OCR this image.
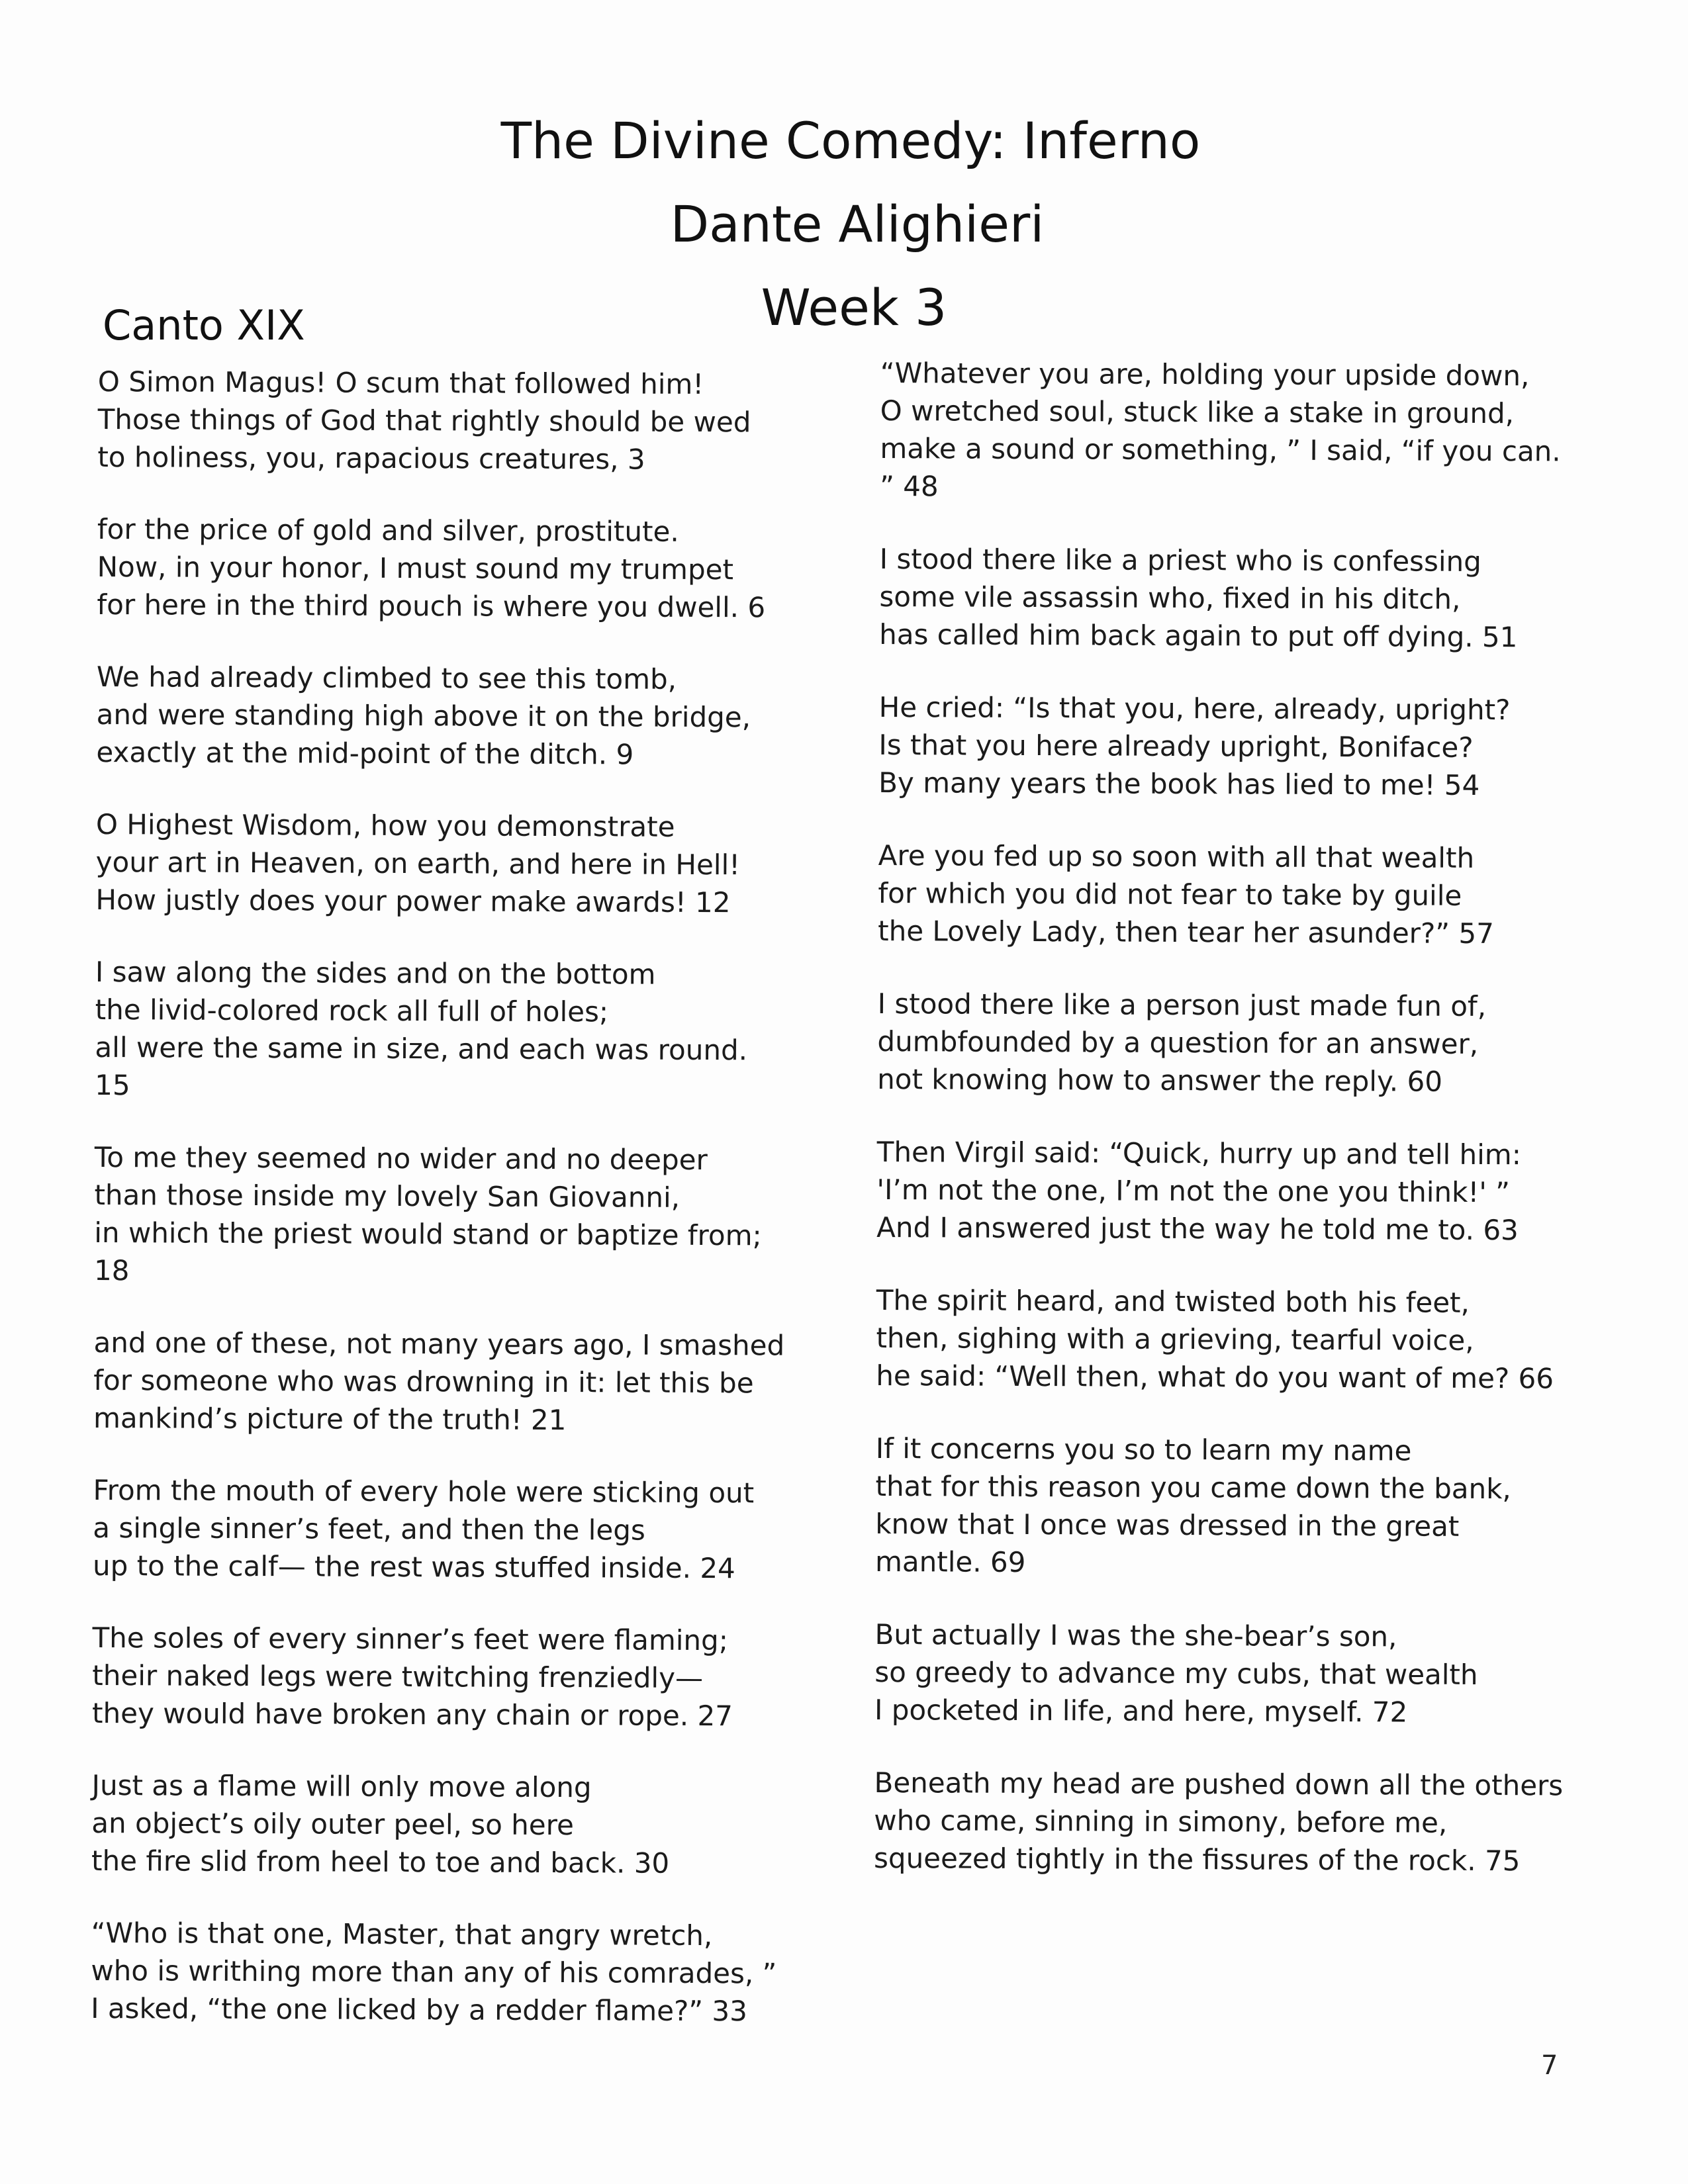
The Divine Comedy: Inferno
Dante Alighieri
Week 3
Canto XIX
O Simon Magus! O scum that followed him!
Those things of God that rightly should be wed
to holiness, you, rapacious creatures, 3
for the price of gold and silver, prostitute.
Now, in your honor, I must sound my trumpet
for here in the third pouch is where you dwell. 6
We had already climbed to see this tomb,
and were standing high above it on the bridge,
exactly at the mid-point of the ditch. 9
O Highest Wisdom, how you demonstrate
your art in Heaven, on earth, and here in Hell!
How justly does your power make awards! 12
I saw along the sides and on the bottom
the livid-colored rock all full of holes;
all were the same in size, and each was round.
15
To me they seemed no wider and no deeper
than those inside my lovely San Giovanni,
in which the priest would stand or baptize from;
18
and one of these, not many years ago, I smashed
for someone who was drowning in it: let this be
mankind’s picture of the truth! 21
From the mouth of every hole were sticking out
a single sinner’s feet, and then the legs
up to the calf— the rest was stuffed inside. 24
The soles of every sinner’s feet were flaming;
their naked legs were twitching frenziedly—
they would have broken any chain or rope. 27
Just as a flame will only move along
an object’s oily outer peel, so here
the fire slid from heel to toe and back. 30
“Who is that one, Master, that angry wretch,
who is writhing more than any of his comrades, ”
I asked, “the one licked by a redder flame?” 33
“Whatever you are, holding your upside down,
O wretched soul, stuck like a stake in ground,
make a sound or something, ” I said, “if you can.
” 48
I stood there like a priest who is confessing
some vile assassin who, fixed in his ditch,
has called him back again to put off dying. 51
He cried: “Is that you, here, already, upright?
Is that you here already upright, Boniface?
By many years the book has lied to me! 54
Are you fed up so soon with all that wealth
for which you did not fear to take by guile
the Lovely Lady, then tear her asunder?” 57
I stood there like a person just made fun of,
dumbfounded by a question for an answer,
not knowing how to answer the reply. 60
Then Virgil said: “Quick, hurry up and tell him:
'I’m not the one, I’m not the one you think!' ”
And I answered just the way he told me to. 63
The spirit heard, and twisted both his feet,
then, sighing with a grieving, tearful voice,
he said: “Well then, what do you want of me? 66
If it concerns you so to learn my name
that for this reason you came down the bank,
know that I once was dressed in the great
mantle. 69
But actually I was the she-bear’s son,
so greedy to advance my cubs, that wealth
I pocketed in life, and here, myself. 72
Beneath my head are pushed down all the others
who came, sinning in simony, before me,
squeezed tightly in the fissures of the rock. 75
7
